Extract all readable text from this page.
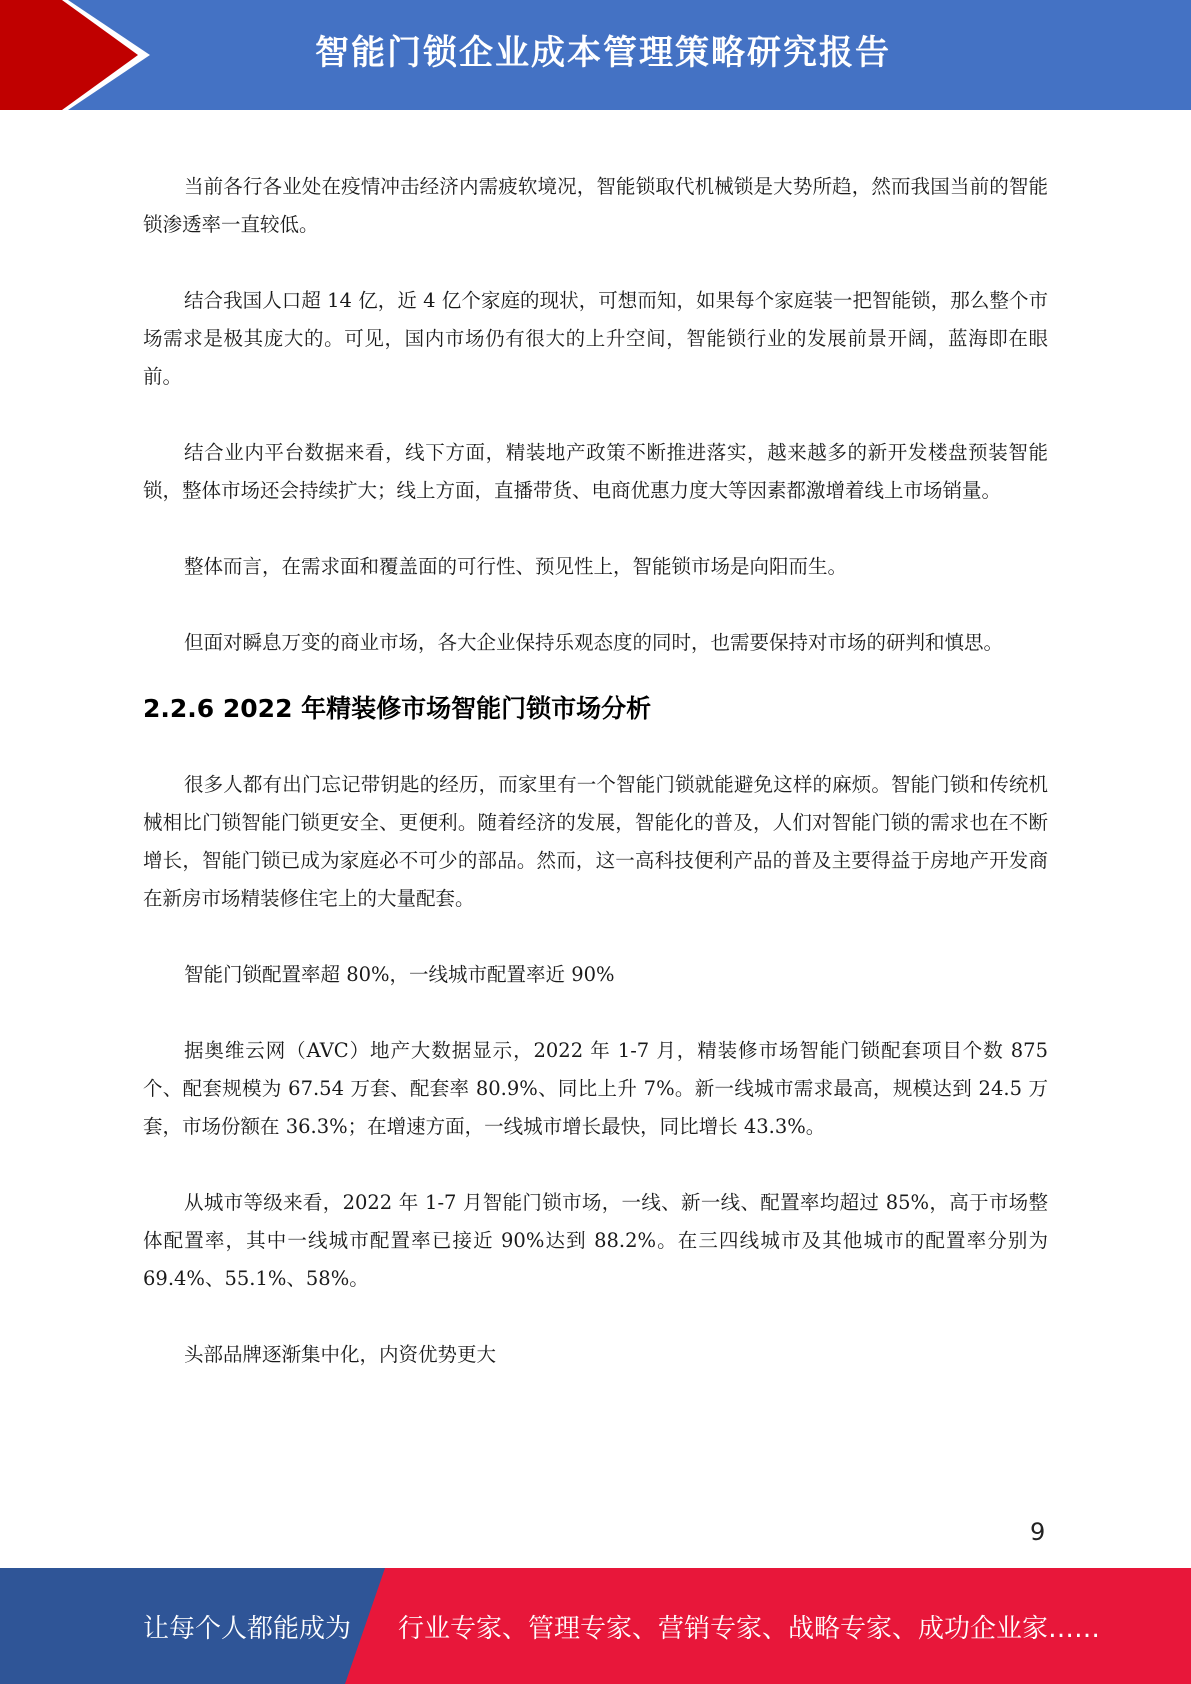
智能门锁企业成本管理策略研究报告

当前各行各业处在疫情冲击经济内需疲软境况，智能锁取代机械锁是大势所趋，然而我国当前的智能锁渗透率一直较低。

结合我国人口超 14 亿，近 4 亿个家庭的现状，可想而知，如果每个家庭装一把智能锁，那么整个市场需求是极其庞大的。可见，国内市场仍有很大的上升空间，智能锁行业的发展前景开阔，蓝海即在眼前。

结合业内平台数据来看，线下方面，精装地产政策不断推进落实，越来越多的新开发楼盘预装智能锁，整体市场还会持续扩大；线上方面，直播带货、电商优惠力度大等因素都激增着线上市场销量。

整体而言，在需求面和覆盖面的可行性、预见性上，智能锁市场是向阳而生。

但面对瞬息万变的商业市场，各大企业保持乐观态度的同时，也需要保持对市场的研判和慎思。

2.2.6 2022 年精装修市场智能门锁市场分析

很多人都有出门忘记带钥匙的经历，而家里有一个智能门锁就能避免这样的麻烦。智能门锁和传统机械相比门锁智能门锁更安全、更便利。随着经济的发展，智能化的普及，人们对智能门锁的需求也在不断增长，智能门锁已成为家庭必不可少的部品。然而，这一高科技便利产品的普及主要得益于房地产开发商在新房市场精装修住宅上的大量配套。

智能门锁配置率超 80%，一线城市配置率近 90%

据奥维云网（AVC）地产大数据显示，2022 年 1-7 月，精装修市场智能门锁配套项目个数 875 个、配套规模为 67.54 万套、配套率 80.9%、同比上升 7%。新一线城市需求最高，规模达到 24.5 万套，市场份额在 36.3%；在增速方面，一线城市增长最快，同比增长 43.3%。

从城市等级来看，2022 年 1-7 月智能门锁市场，一线、新一线、配置率均超过 85%，高于市场整体配置率，其中一线城市配置率已接近 90%达到 88.2%。在三四线城市及其他城市的配置率分别为 69.4%、55.1%、58%。

头部品牌逐渐集中化，内资优势更大

9
让每个人都能成为 行业专家、管理专家、营销专家、战略专家、成功企业家……
